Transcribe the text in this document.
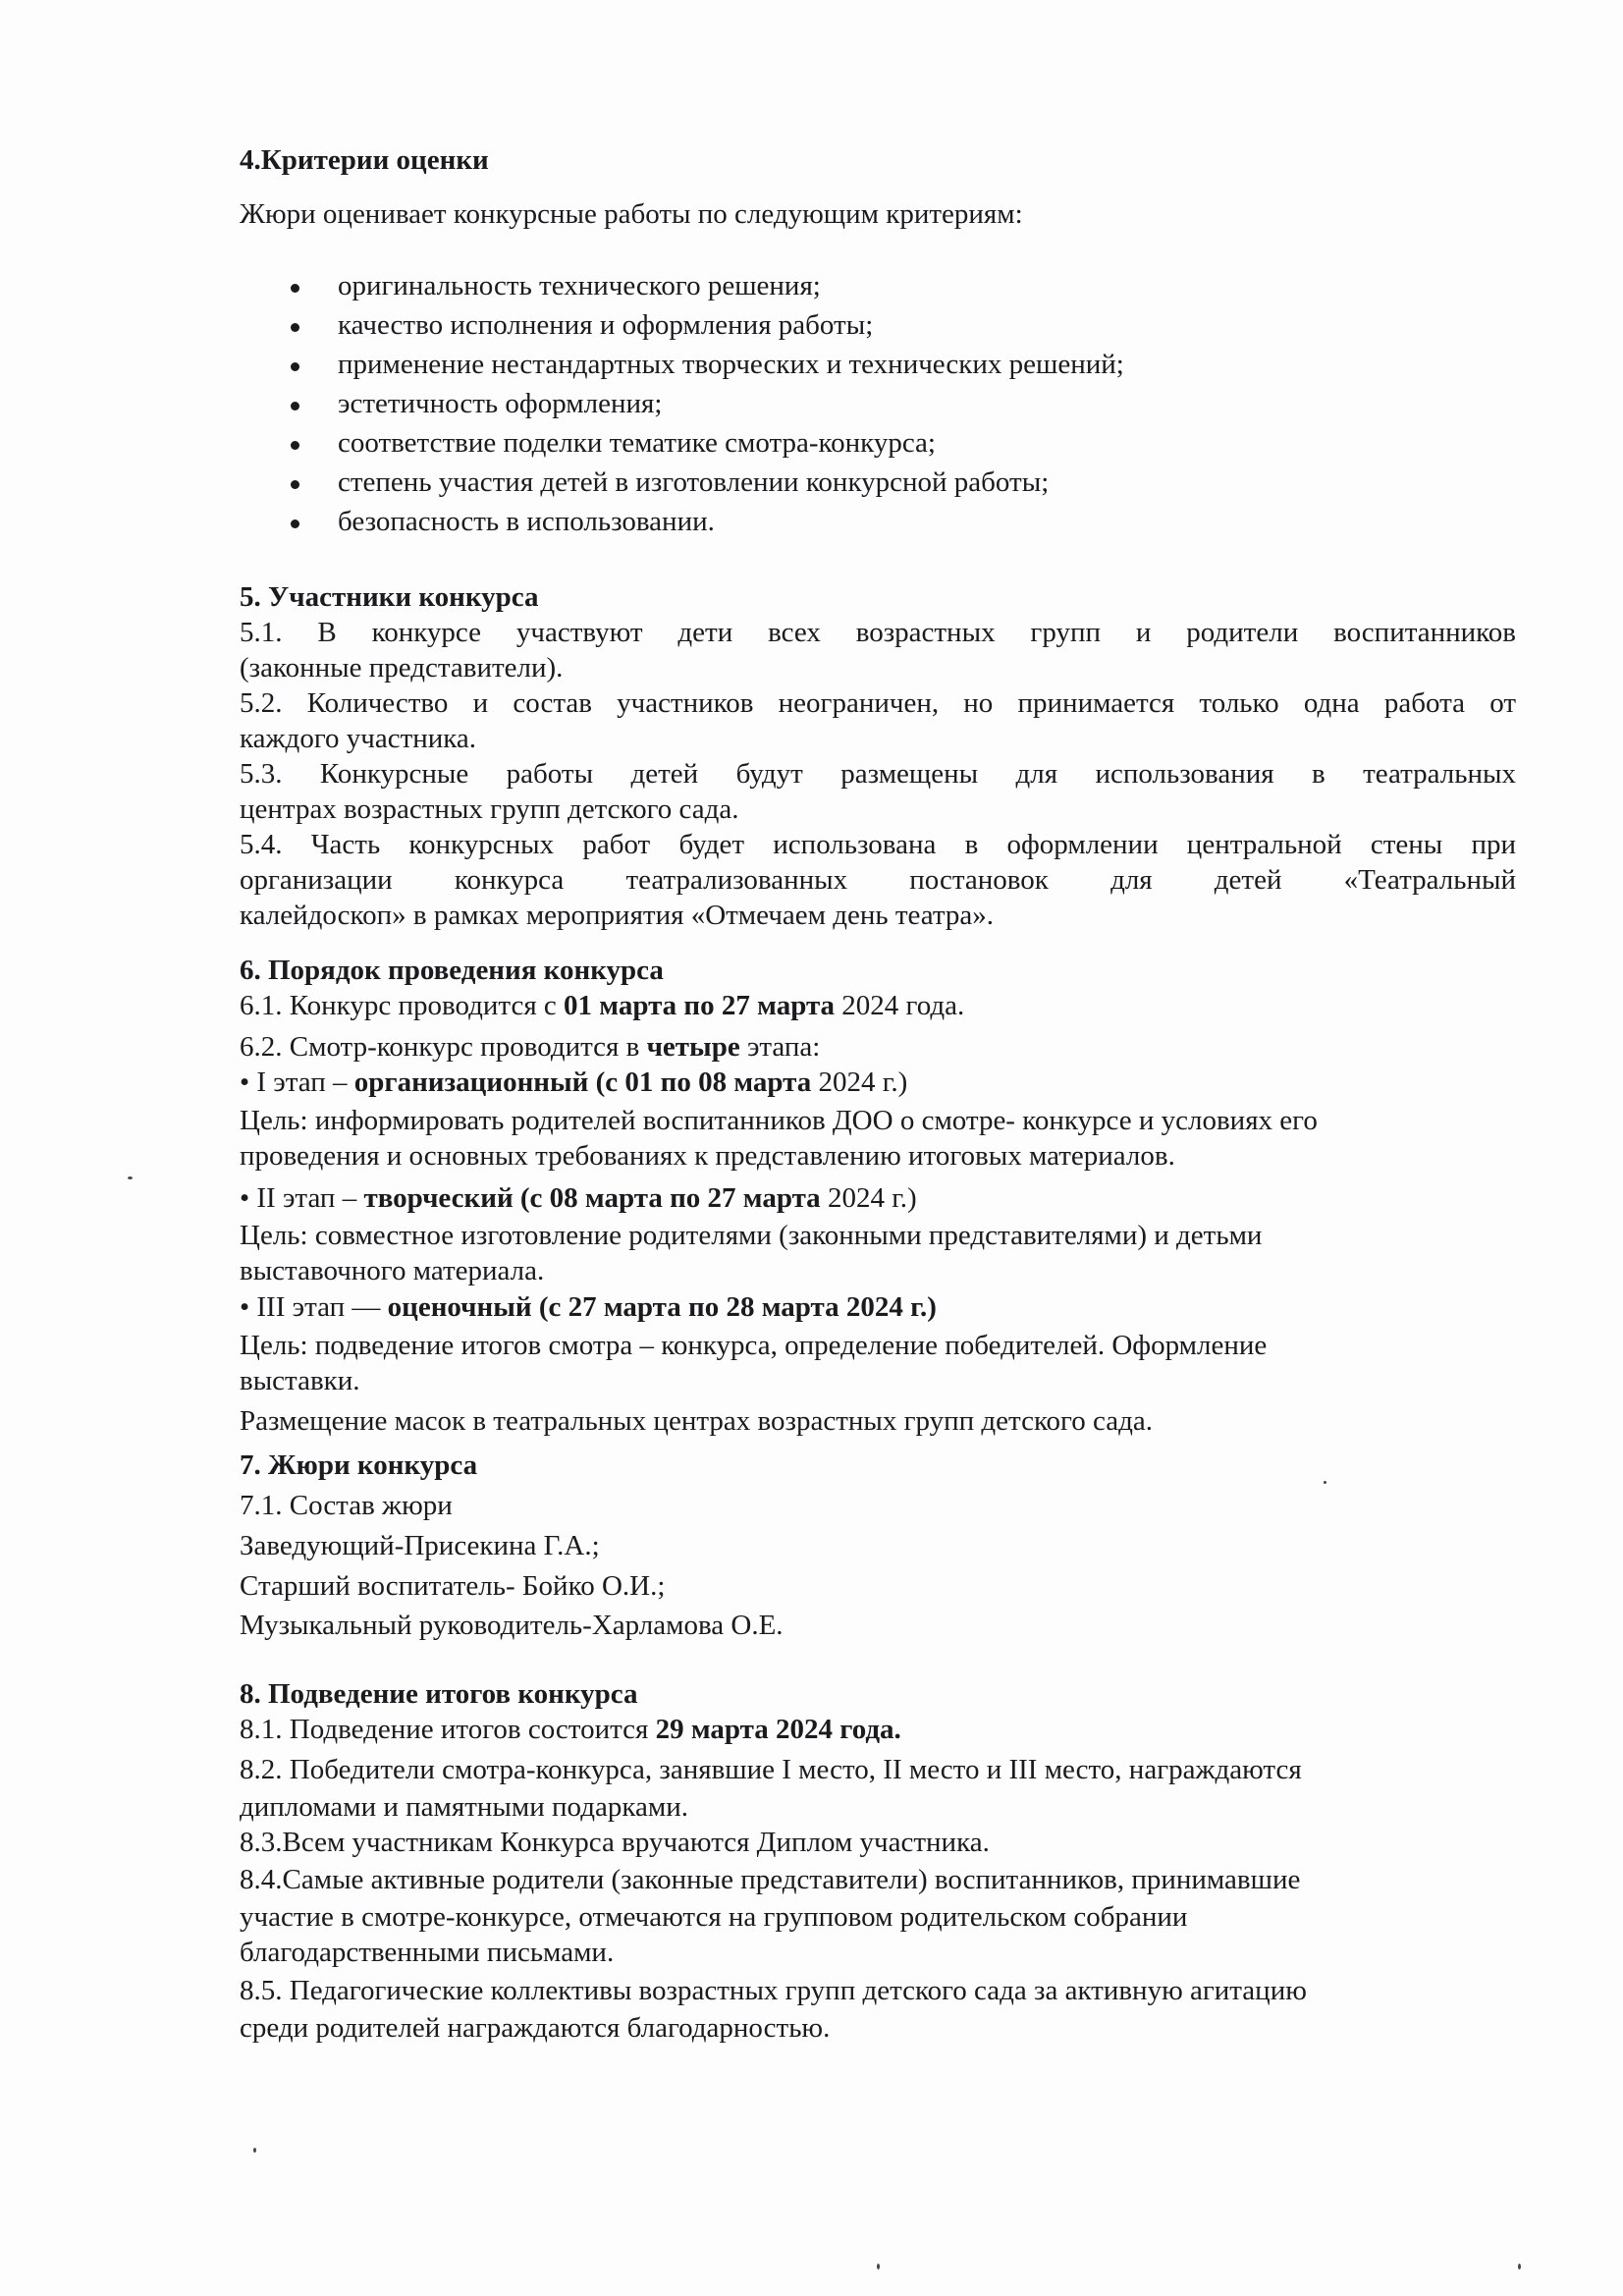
4.Критерии оценки
Жюри оценивает конкурсные работы по следующим критериям:
оригинальность технического решения;
качество исполнения и оформления работы;
применение нестандартных творческих и технических решений;
эстетичность оформления;
соответствие поделки тематике смотра-конкурса;
степень участия детей в изготовлении конкурсной работы;
безопасность в использовании.
5. Участники конкурса
5.1. В конкурсе участвуют дети всех возрастных групп и родители воспитанников
(законные представители).
5.2. Количество и состав участников неограничен, но принимается только одна работа от
каждого участника.
5.3. Конкурсные работы детей будут размещены для использования в театральных
центрах возрастных групп детского сада.
5.4. Часть конкурсных работ будет использована в оформлении центральной стены при
организации конкурса театрализованных постановок для детей «Театральный
калейдоскоп» в рамках мероприятия «Отмечаем день театра».
6. Порядок проведения конкурса
6.1. Конкурс проводится с 01 марта по 27 марта 2024 года.
6.2. Смотр-конкурс проводится в четыре этапа:
• I этап – организационный (с 01 по 08 марта 2024 г.)
Цель: информировать родителей воспитанников ДОО о смотре- конкурсе и условиях его
проведения и основных требованиях к представлению итоговых материалов.
• II этап – творческий (с 08 марта по 27 марта 2024 г.)
Цель: совместное изготовление родителями (законными представителями) и детьми
выставочного материала.
• III этап — оценочный (с 27 марта по 28 марта 2024 г.)
Цель: подведение итогов смотра – конкурса, определение победителей. Оформление
выставки.
Размещение масок в театральных центрах возрастных групп детского сада.
7. Жюри конкурса
7.1. Состав жюри
Заведующий-Присекина Г.А.;
Старший воспитатель- Бойко О.И.;
Музыкальный руководитель-Харламова О.Е.
8. Подведение итогов конкурса
8.1. Подведение итогов состоится 29 марта 2024 года.
8.2. Победители смотра-конкурса, занявшие I место, II место и III место, награждаются
дипломами и памятными подарками.
8.3.Всем участникам Конкурса вручаются Диплом участника.
8.4.Самые активные родители (законные представители) воспитанников, принимавшие
участие в смотре-конкурсе, отмечаются на групповом родительском собрании
благодарственными письмами.
8.5. Педагогические коллективы возрастных групп детского сада за активную агитацию
среди родителей награждаются благодарностью.
